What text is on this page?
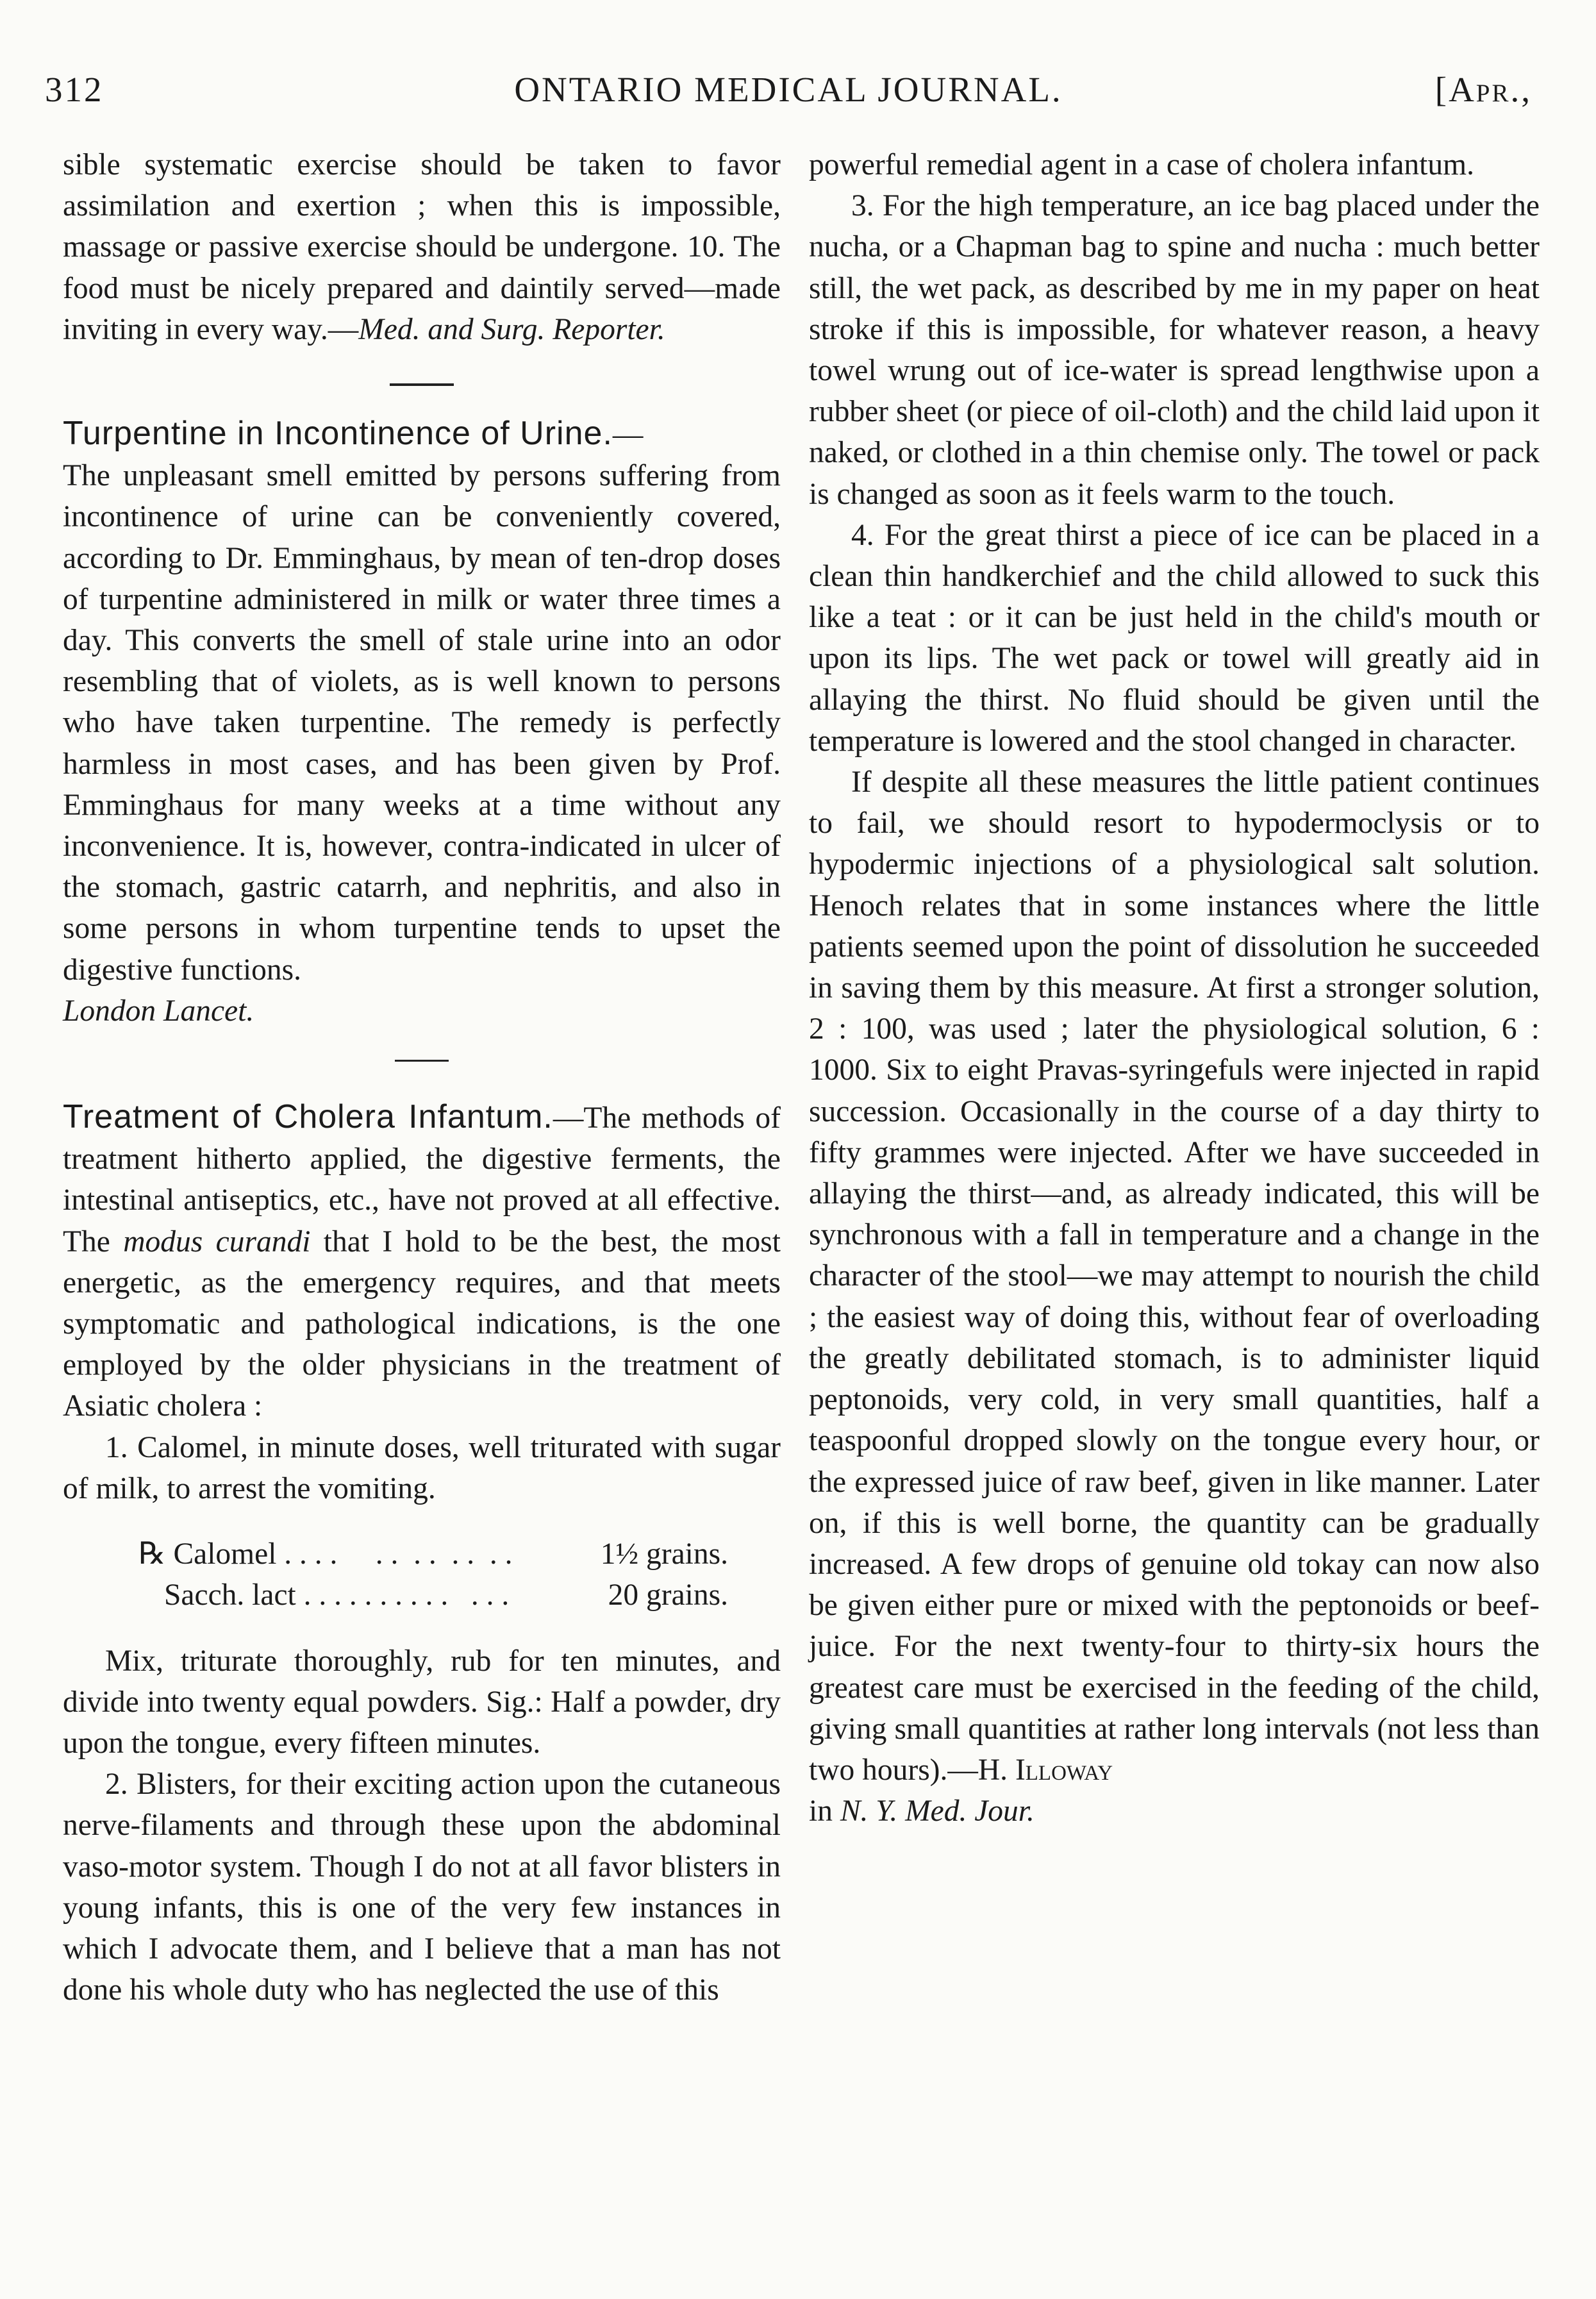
312	ONTARIO MEDICAL JOURNAL.	[Apr.,

sible systematic exercise should be taken to favor assimilation and exertion ; when this is impossible, massage or passive exercise should be undergone. 10. The food must be nicely prepared and daintily served—made inviting in every way.—Med. and Surg. Reporter.

Turpentine in Incontinence of Urine.—
The unpleasant smell emitted by persons suffering from incontinence of urine can be conveniently covered, according to Dr. Emminghaus, by mean of ten-drop doses of turpentine administered in milk or water three times a day. This converts the smell of stale urine into an odor resembling that of violets, as is well known to persons who have taken turpentine. The remedy is perfectly harmless in most cases, and has been given by Prof. Emminghaus for many weeks at a time without any inconvenience. It is, however, contra-indicated in ulcer of the stomach, gastric catarrh, and nephritis, and also in some persons in whom turpentine tends to upset the digestive functions.
London Lancet.

Treatment of Cholera Infantum.—The methods of treatment hitherto applied, the digestive ferments, the intestinal antiseptics, etc., have not proved at all effective. The modus curandi that I hold to be the best, the most energetic, as the emergency requires, and that meets symptomatic and pathological indications, is the one employed by the older physicians in the treatment of Asiatic cholera :

1. Calomel, in minute doses, well triturated with sugar of milk, to arrest the vomiting.

℞ Calomel . . . .     . .  . .  . .  . .	1½ grains.
Sacch. lact . . . . . . . . . .   . . .	20 grains.

Mix, triturate thoroughly, rub for ten minutes, and divide into twenty equal powders. Sig.: Half a powder, dry upon the tongue, every fifteen minutes.

2. Blisters, for their exciting action upon the cutaneous nerve-filaments and through these upon the abdominal vaso-motor system. Though I do not at all favor blisters in young infants, this is one of the very few instances in which I advocate them, and I believe that a man has not done his whole duty who has neglected the use of this

powerful remedial agent in a case of cholera infantum.

3. For the high temperature, an ice bag placed under the nucha, or a Chapman bag to spine and nucha : much better still, the wet pack, as described by me in my paper on heat stroke if this is impossible, for whatever reason, a heavy towel wrung out of ice-water is spread lengthwise upon a rubber sheet (or piece of oil-cloth) and the child laid upon it naked, or clothed in a thin chemise only. The towel or pack is changed as soon as it feels warm to the touch.

4. For the great thirst a piece of ice can be placed in a clean thin handkerchief and the child allowed to suck this like a teat : or it can be just held in the child's mouth or upon its lips. The wet pack or towel will greatly aid in allaying the thirst. No fluid should be given until the temperature is lowered and the stool changed in character.

If despite all these measures the little patient continues to fail, we should resort to hypodermoclysis or to hypodermic injections of a physiological salt solution. Henoch relates that in some instances where the little patients seemed upon the point of dissolution he succeeded in saving them by this measure. At first a stronger solution, 2 : 100, was used ; later the physiological solution, 6 : 1000. Six to eight Pravas-syringefuls were injected in rapid succession. Occasionally in the course of a day thirty to fifty grammes were injected. After we have succeeded in allaying the thirst—and, as already indicated, this will be synchronous with a fall in temperature and a change in the character of the stool—we may attempt to nourish the child ; the easiest way of doing this, without fear of overloading the greatly debilitated stomach, is to administer liquid peptonoids, very cold, in very small quantities, half a teaspoonful dropped slowly on the tongue every hour, or the expressed juice of raw beef, given in like manner. Later on, if this is well borne, the quantity can be gradually increased. A few drops of genuine old tokay can now also be given either pure or mixed with the peptonoids or beef-juice. For the next twenty-four to thirty-six hours the greatest care must be exercised in the feeding of the child, giving small quantities at rather long intervals (not less than two hours).—H. Illoway
in N. Y. Med. Jour.
